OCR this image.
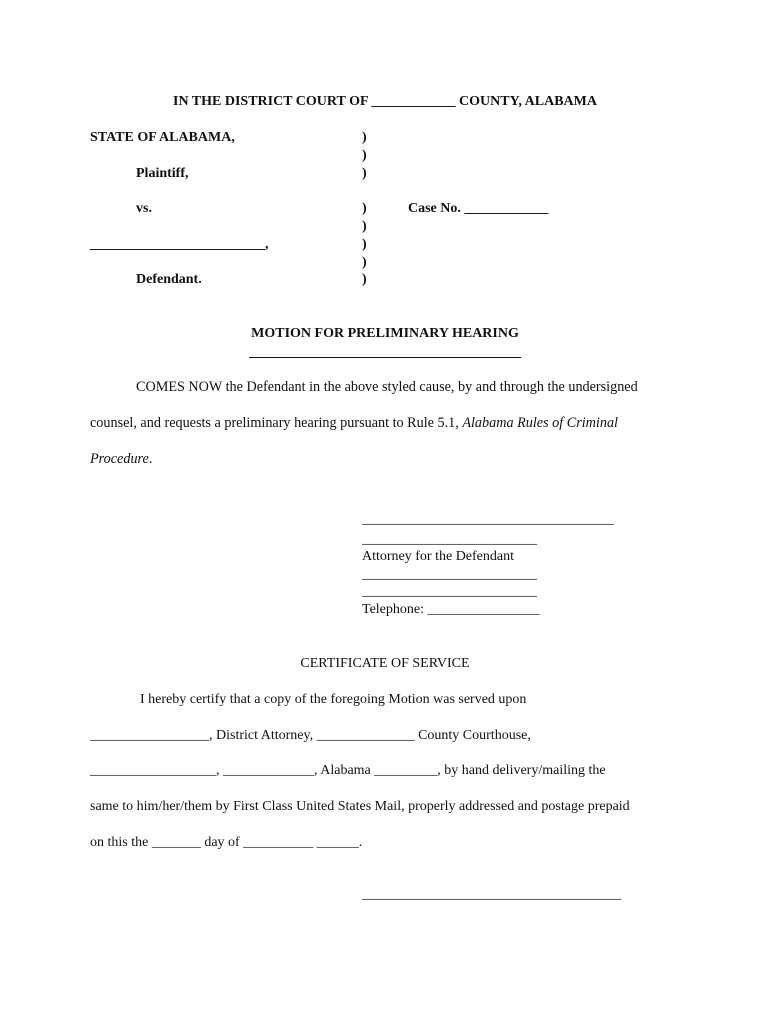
IN THE DISTRICT COURT OF ____________ COUNTY, ALABAMA
STATE OF ALABAMA,
Plaintiff,
vs.
_________________________,
Defendant.
)
)
)
)
)
)
)
)
Case No. ____________
MOTION FOR PRELIMINARY HEARING
COMES NOW the Defendant in the above styled cause, by and through the undersigned
counsel, and requests a preliminary hearing pursuant to Rule 5.1, Alabama Rules of Criminal
Procedure.
____________________________________
_________________________
Attorney for the Defendant
_________________________
_________________________
Telephone: ________________
CERTIFICATE OF SERVICE
I hereby certify that a copy of the foregoing Motion was served upon
_________________, District Attorney, ______________ County Courthouse,
__________________, _____________, Alabama _________, by hand delivery/mailing the
same to him/her/them by First Class United States Mail, properly addressed and postage prepaid
on this the _______ day of __________ ______.
_____________________________________
